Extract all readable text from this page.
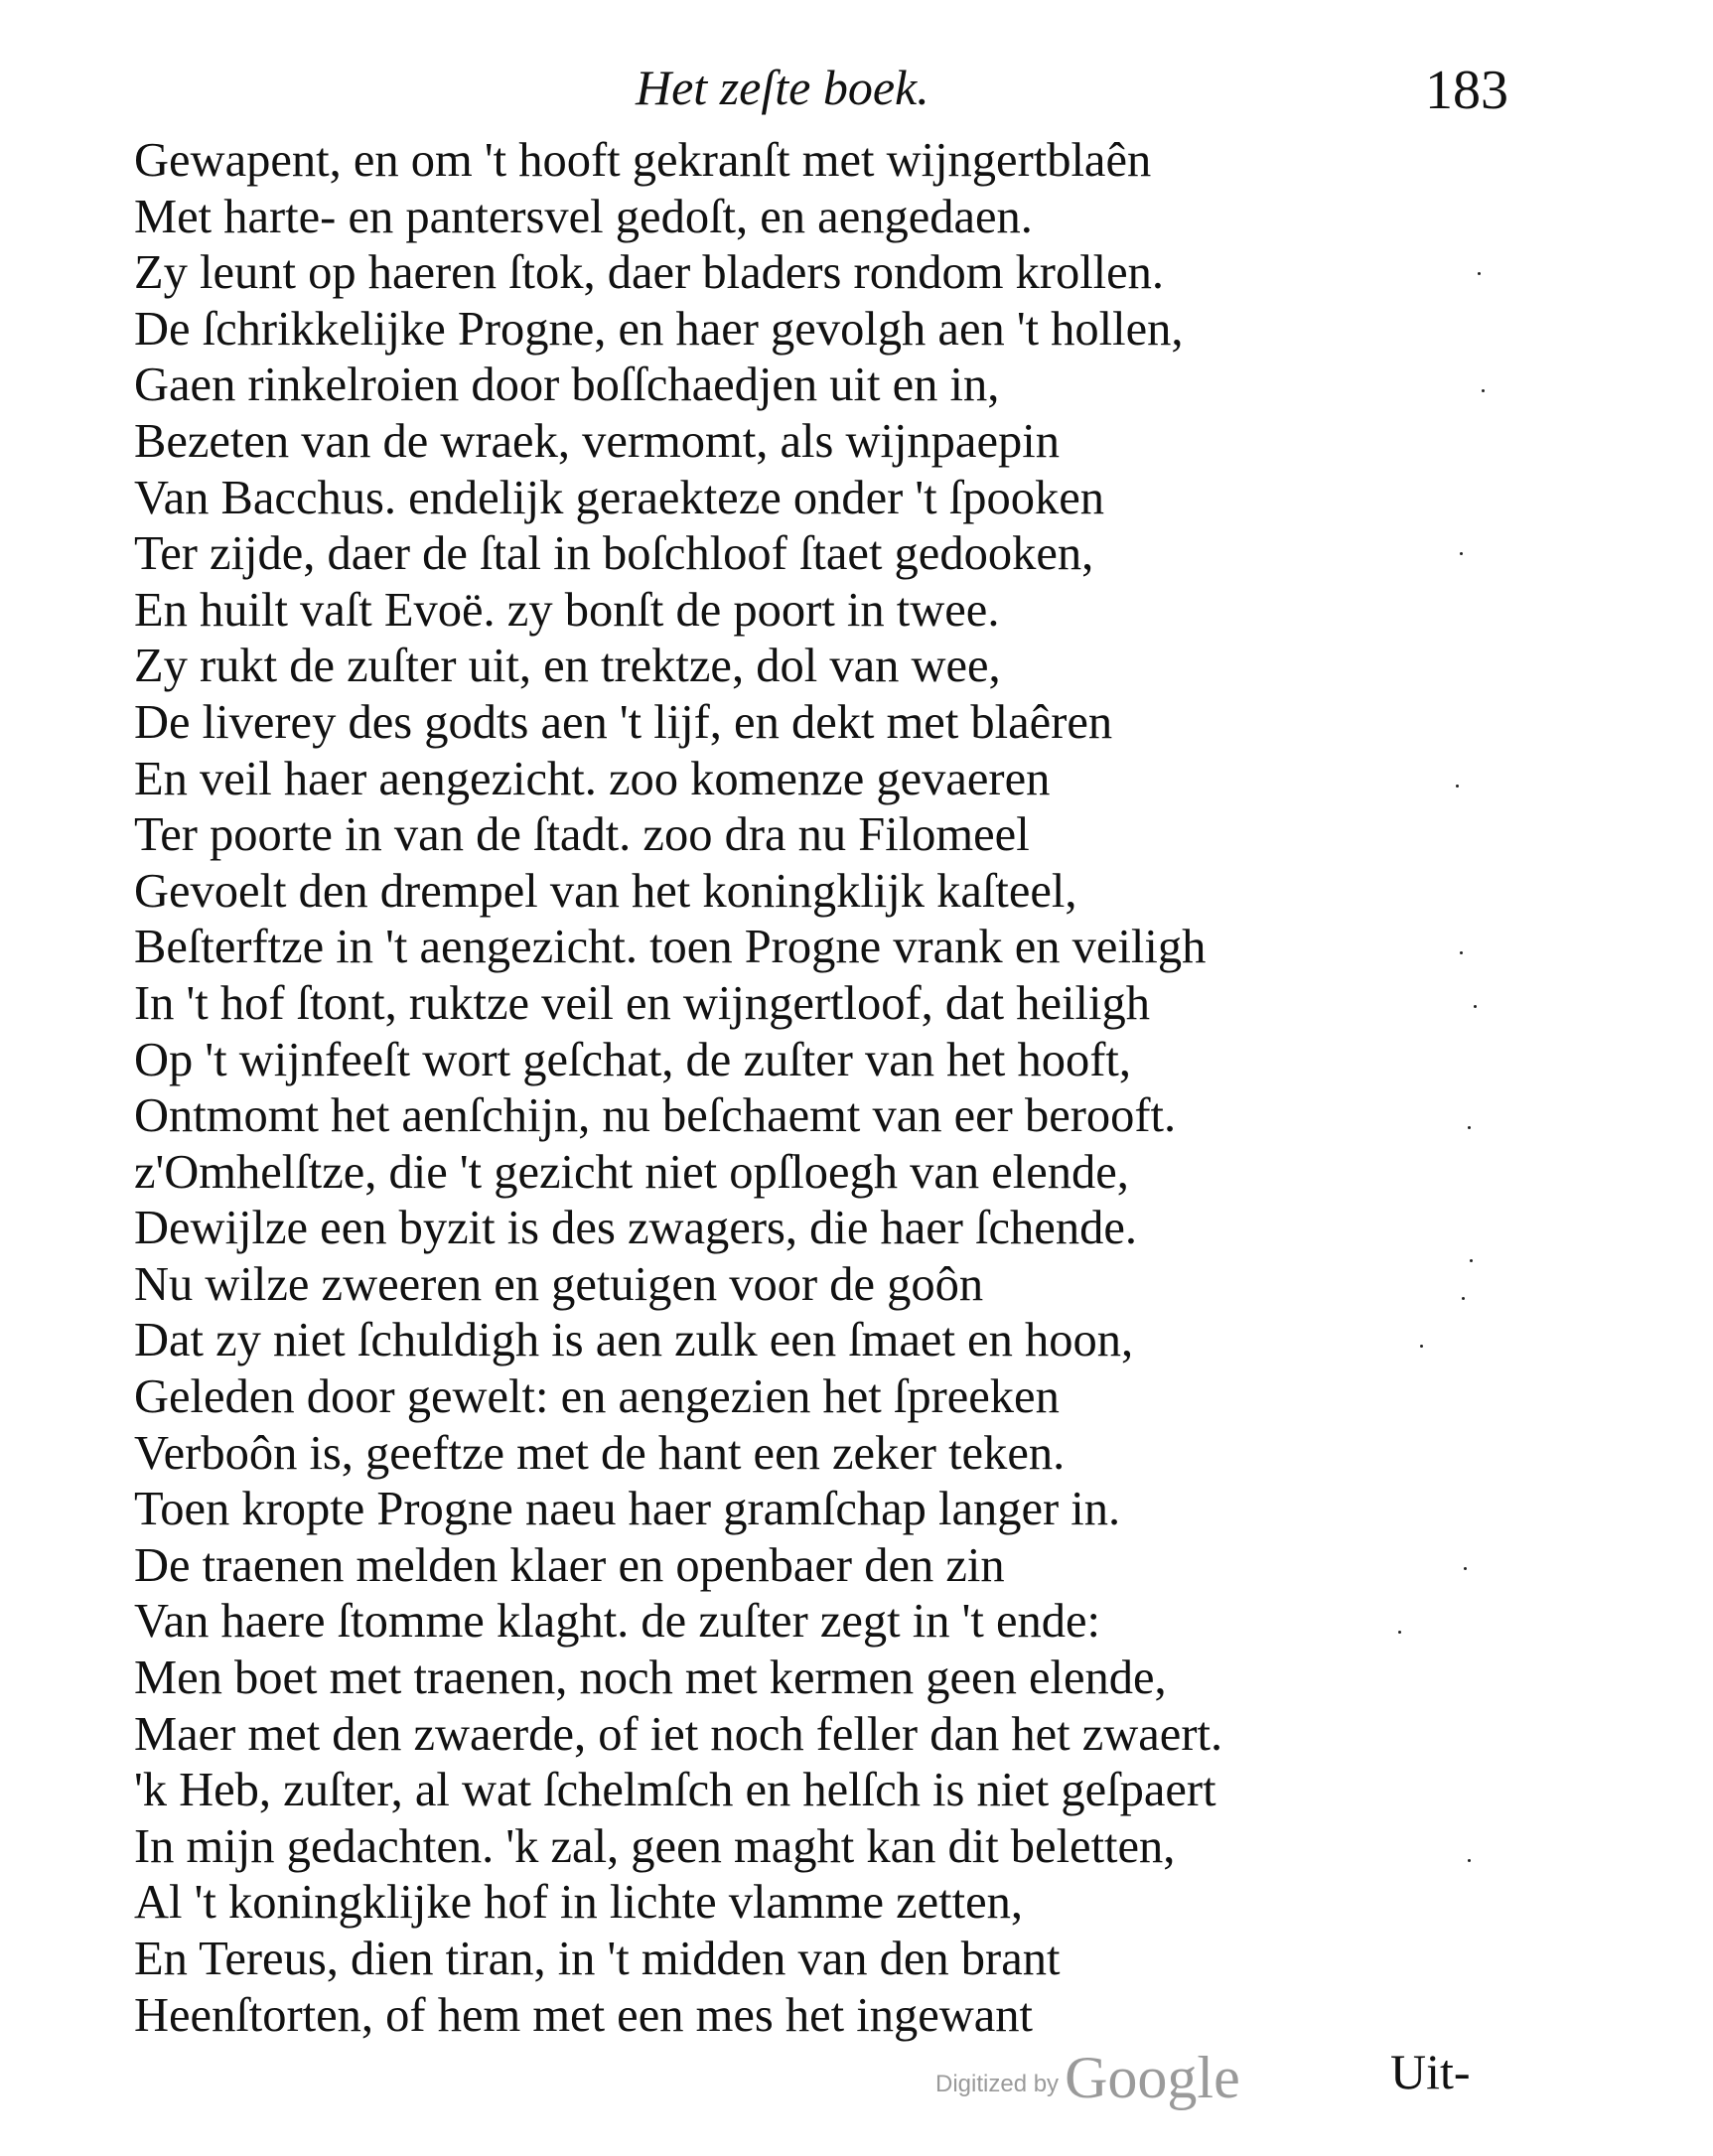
Het zeſte boek.	183
Gewapent, en om 't hooft gekranſt met wijngertblaên
Met harte- en pantersvel gedoſt, en aengedaen.
Zy leunt op haeren ſtok, daer bladers rondom krollen.
De ſchrikkelijke Progne, en haer gevolgh aen 't hollen,
Gaen rinkelroien door boſſchaedjen uit en in,
Bezeten van de wraek, vermomt, als wijnpaepin
Van Bacchus. endelijk geraekteze onder 't ſpooken
Ter zijde, daer de ſtal in boſchloof ſtaet gedooken,
En huilt vaſt Evoë. zy bonſt de poort in twee.
Zy rukt de zuſter uit, en trektze, dol van wee,
De liverey des godts aen 't lijf, en dekt met blaêren
En veil haer aengezicht. zoo komenze gevaeren
Ter poorte in van de ſtadt. zoo dra nu Filomeel
Gevoelt den drempel van het koningklijk kaſteel,
Beſterftze in 't aengezicht. toen Progne vrank en veiligh
In 't hof ſtont, ruktze veil en wijngertloof, dat heiligh
Op 't wijnfeeſt wort geſchat, de zuſter van het hooft,
Ontmomt het aenſchijn, nu beſchaemt van eer berooft.
z'Omhelſtze, die 't gezicht niet opſloegh van elende,
Dewijlze een byzit is des zwagers, die haer ſchende.
Nu wilze zweeren en getuigen voor de goôn
Dat zy niet ſchuldigh is aen zulk een ſmaet en hoon,
Geleden door gewelt: en aengezien het ſpreeken
Verboôn is, geeftze met de hant een zeker teken.
Toen kropte Progne naeu haer gramſchap langer in.
De traenen melden klaer en openbaer den zin
Van haere ſtomme klaght. de zuſter zegt in 't ende:
Men boet met traenen, noch met kermen geen elende,
Maer met den zwaerde, of iet noch feller dan het zwaert.
'k Heb, zuſter, al wat ſchelmſch en helſch is niet geſpaert
In mijn gedachten. 'k zal, geen maght kan dit beletten,
Al 't koningklijke hof in lichte vlamme zetten,
En Tereus, dien tiran, in 't midden van den brant
Heenſtorten, of hem met een mes het ingewant
Digitized by Google	Uit-
